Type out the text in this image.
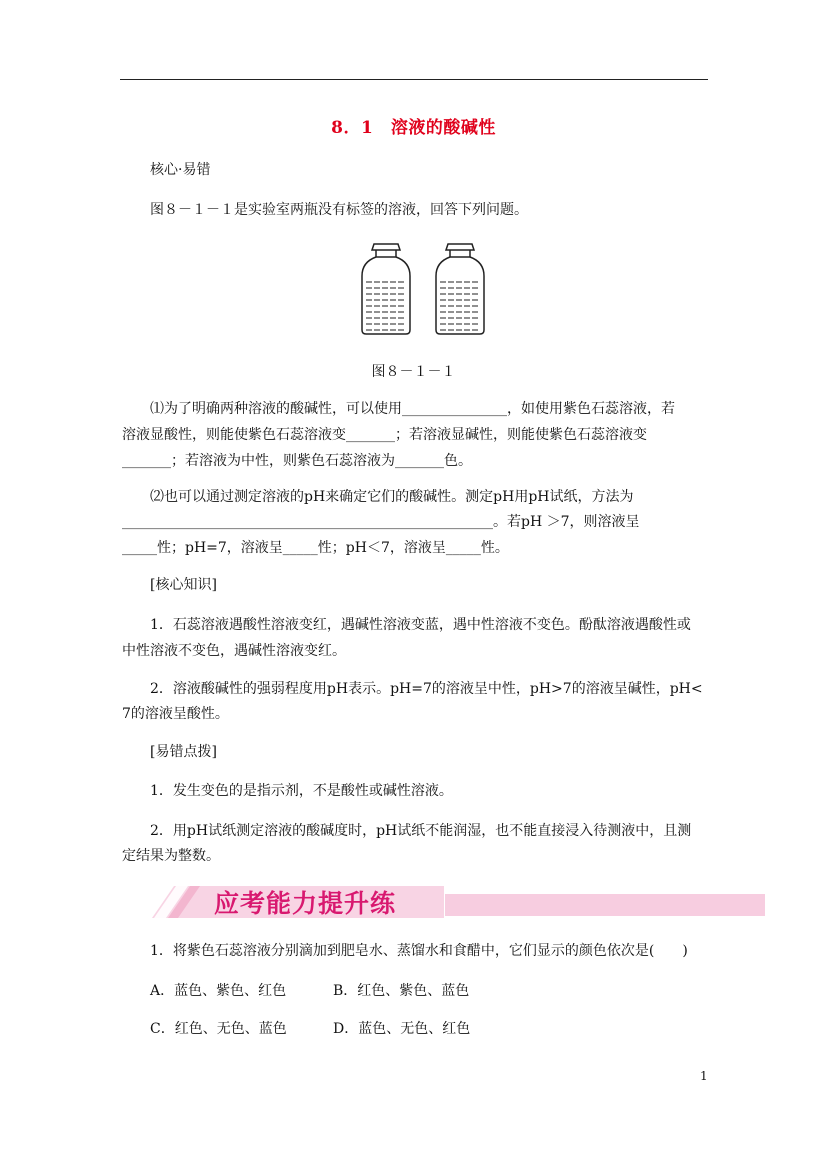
8．1　溶液的酸碱性
核心·易错
图８－１－１是实验室两瓶没有标签的溶液，回答下列问题。
图８－１－１
⑴为了明确两种溶液的酸碱性，可以使用_______________，如使用紫色石蕊溶液，若
溶液显酸性，则能使紫色石蕊溶液变_______；若溶液显碱性，则能使紫色石蕊溶液变
_______；若溶液为中性，则紫色石蕊溶液为_______色。
⑵也可以通过测定溶液的pH来确定它们的酸碱性。测定pH用pH试纸，方法为
_____________________________________________________。若pH ＞7，则溶液呈
_____性；pH=7，溶液呈_____性；pH＜7，溶液呈_____性。
[核心知识]
1．石蕊溶液遇酸性溶液变红，遇碱性溶液变蓝，遇中性溶液不变色。酚酞溶液遇酸性或
中性溶液不变色，遇碱性溶液变红。
2．溶液酸碱性的强弱程度用pH表示。pH=7的溶液呈中性，pH>7的溶液呈碱性，pH<
7的溶液呈酸性。
[易错点拨]
1．发生变色的是指示剂，不是酸性或碱性溶液。
2．用pH试纸测定溶液的酸碱度时，pH试纸不能润湿，也不能直接浸入待测液中，且测
定结果为整数。
应考能力提升练
1．将紫色石蕊溶液分别滴加到肥皂水、蒸馏水和食醋中，它们显示的颜色依次是(　　)
A．蓝色、紫色、红色	B．红色、紫色、蓝色
C．红色、无色、蓝色	D．蓝色、无色、红色
1
